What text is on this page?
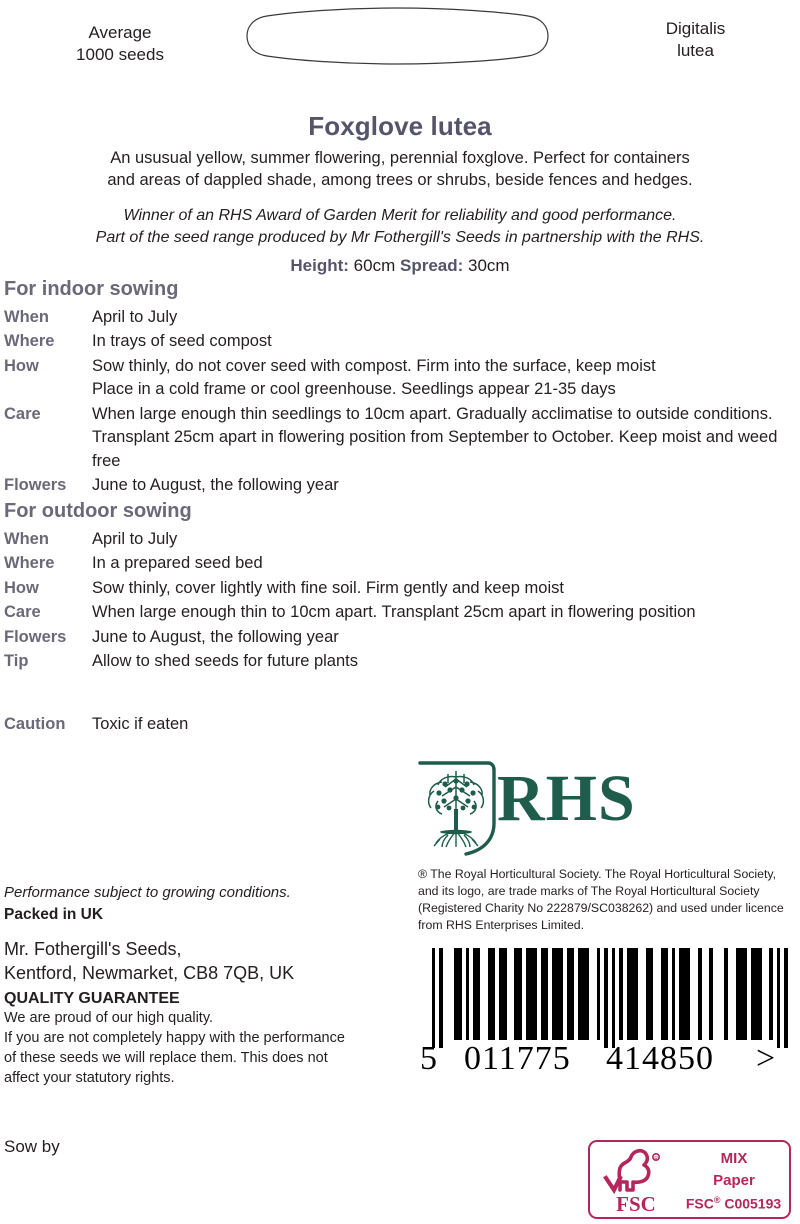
Average
1000 seeds
Digitalis
lutea
Foxglove lutea
An ususual yellow, summer flowering, perennial foxglove. Perfect for containers
and areas of dappled shade, among trees or shrubs, beside fences and hedges.
Winner of an RHS Award of Garden Merit for reliability and good performance.
Part of the seed range produced by Mr Fothergill's Seeds in partnership with the RHS.
Height: 60cm Spread: 30cm
For indoor sowing
When	April to July
Where	In trays of seed compost
How	Sow thinly, do not cover seed with compost. Firm into the surface, keep moist
Place in a cold frame or cool greenhouse. Seedlings appear 21-35 days
Care	When large enough thin seedlings to 10cm apart. Gradually acclimatise to outside conditions. Transplant 25cm apart in flowering position from September to October. Keep moist and weed free
Flowers	June to August, the following year
For outdoor sowing
When	April to July
Where	In a prepared seed bed
How	Sow thinly, cover lightly with fine soil. Firm gently and keep moist
Care	When large enough thin to 10cm apart. Transplant 25cm apart in flowering position
Flowers	June to August, the following year
Tip	Allow to shed seeds for future plants
Caution	Toxic if eaten
RHS
® The Royal Horticultural Society. The Royal Horticultural Society,
and its logo, are trade marks of The Royal Horticultural Society
(Registered Charity No 222879/SC038262) and used under licence
from RHS Enterprises Limited.
Performance subject to growing conditions.
Packed in UK
Mr. Fothergill's Seeds,
Kentford, Newmarket, CB8 7QB, UK
QUALITY GUARANTEE
We are proud of our high quality.
If you are not completely happy with the performance
of these seeds we will replace them. This does not
affect your statutory rights.
5 011775 414850 >
Sow by
R
FSC
MIX
Paper
FSC® C005193
